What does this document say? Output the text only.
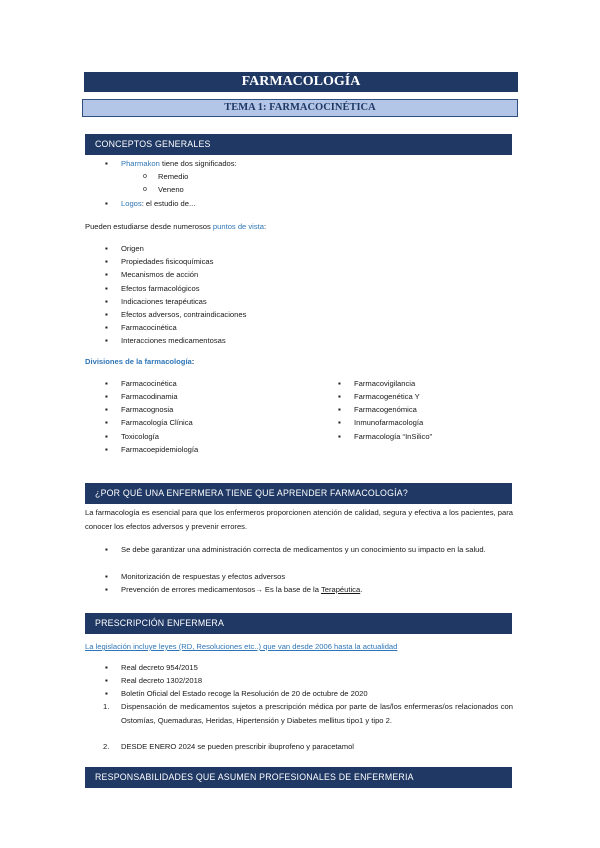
FARMACOLOGÍA
TEMA 1: FARMACOCINÉTICA
CONCEPTOS GENERALES
▪ Pharmakon tiene dos significados:
o Remedio
o Veneno
▪ Logos: el estudio de...
Pueden estudiarse desde numerosos puntos de vista:
▪ Origen
▪ Propiedades fisicoquímicas
▪ Mecanismos de acción
▪ Efectos farmacológicos
▪ Indicaciones terapéuticas
▪ Efectos adversos, contraindicaciones
▪ Farmacocinética
▪ Interacciones medicamentosas
Divisiones de la farmacología:
▪ Farmacocinética
▪ Farmacodinamia
▪ Farmacognosia
▪ Farmacología Clínica
▪ Toxicología
▪ Farmacoepidemiología
▪ Farmacovigilancia
▪ Farmacogenética Y
▪ Farmacogenómica
▪ Inmunofarmacología
▪ Farmacología “InSilico”
¿POR QUÉ UNA ENFERMERA TIENE QUE APRENDER FARMACOLOGÍA?
La farmacología es esencial para que los enfermeros proporcionen atención de calidad, segura y efectiva a los pacientes, para conocer los efectos adversos y prevenir errores.
▪ Se debe garantizar una administración correcta de medicamentos y un conocimiento su impacto en la salud.
▪ Monitorización de respuestas y efectos adversos
▪ Prevención de errores medicamentosos→ Es la base de la Terapéutica.
PRESCRIPCIÓN ENFERMERA
La legislación incluye leyes (RD, Resoluciones etc..) que van desde 2006 hasta la actualidad
▪ Real decreto 954/2015
▪ Real decreto 1302/2018
▪ Boletín Oficial del Estado recoge la Resolución de 20 de octubre de 2020
1. Dispensación de medicamentos sujetos a prescripción médica por parte de las/los enfermeras/os relacionados con Ostomías, Quemaduras, Heridas, Hipertensión y Diabetes mellitus tipo1 y tipo 2.
2. DESDE ENERO 2024 se pueden prescribir ibuprofeno y paracetamol
RESPONSABILIDADES QUE ASUMEN PROFESIONALES DE ENFERMERIA
